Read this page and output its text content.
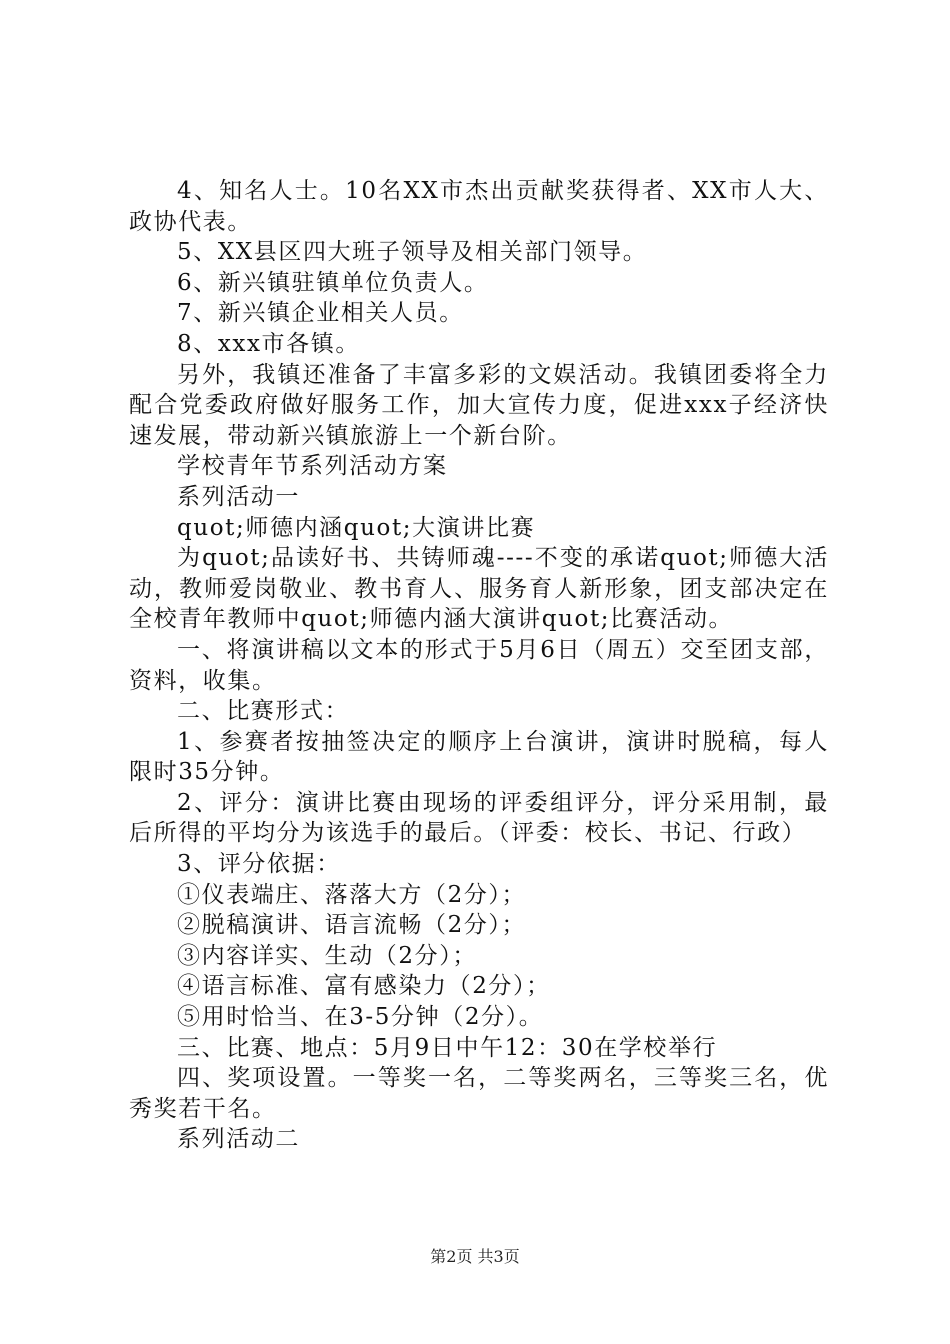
4、知名人士。10名XX市杰出贡献奖获得者、XX市人大、政协代表。

5、XX县区四大班子领导及相关部门领导。

6、新兴镇驻镇单位负责人。

7、新兴镇企业相关人员。

8、xxx市各镇。

另外，我镇还准备了丰富多彩的文娱活动。我镇团委将全力配合党委政府做好服务工作，加大宣传力度，促进xxx子经济快速发展，带动新兴镇旅游上一个新台阶。

学校青年节系列活动方案

系列活动一

quot;师德内涵quot;大演讲比赛

为quot;品读好书、共铸师魂----不变的承诺quot;师德大活动，教师爱岗敬业、教书育人、服务育人新形象，团支部决定在全校青年教师中quot;师德内涵大演讲quot;比赛活动。

一、将演讲稿以文本的形式于5月6日（周五）交至团支部，资料，收集。

二、比赛形式：

1、参赛者按抽签决定的顺序上台演讲，演讲时脱稿，每人限时35分钟。

2、评分：演讲比赛由现场的评委组评分，评分采用制，最后所得的平均分为该选手的最后。（评委：校长、书记、行政）

3、评分依据：

①仪表端庄、落落大方（2分）；

②脱稿演讲、语言流畅（2分）；

③内容详实、生动（2分）；

④语言标准、富有感染力（2分）；

⑤用时恰当、在3-5分钟（2分）。

三、比赛、地点：5月9日中午12：30在学校举行

四、奖项设置。一等奖一名，二等奖两名，三等奖三名，优秀奖若干名。

系列活动二

第2页 共3页
